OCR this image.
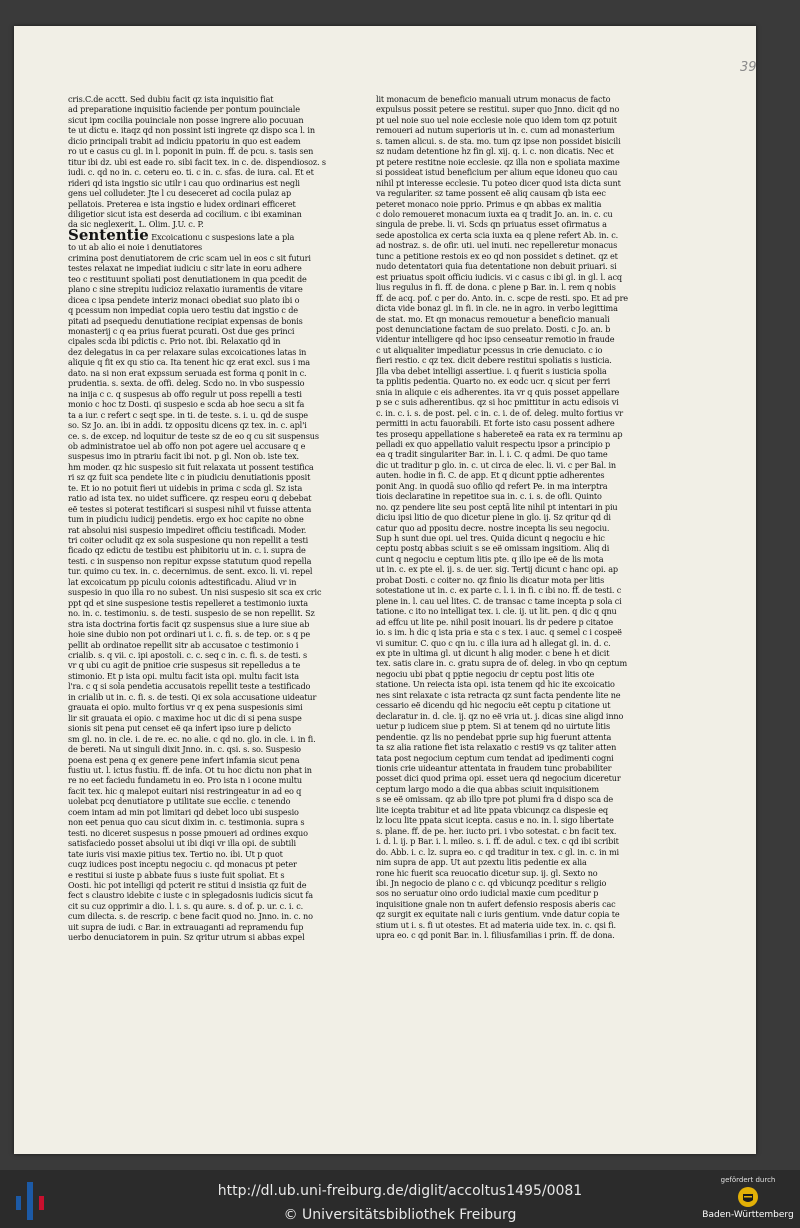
39

cris.C.de acctt. Sed dubiu facit qz ista inquisitio fiat
ad preparatione inquisitio faciende per pontum pouinciale
sicut ipm cocilia pouinciale non posse ingrere alio pocuuan
te ut dictu e. itaqz qd non possint isti ingrete qz dispo sca l. in
dicio principali trabit ad indiciu ppatoriu in quo est eadem
ro ut e casus cu gl. in l. poponit in puin. ff. de pcu. s. tasis sen
titur ibi dz. ubi est eade ro. sibi facit tex. in c. de. dispendiosoz. s
iudi. c. qd no in. c. ceteru eo. ti. c in. c. sfas. de iura. cal. Et et
rideri qd ista ingstio sic utilr i cau quo ordinarius est negli
gens uel colludeter. Jte l cu deseceret ad cocila pulaz ap
pellatois. Preterea e ista ingstio e ludex ordinari efficeret
diligetior sicut ista est deserda ad cocilium. c ibi examinan
da sic neglexerit. L. Olim. J.U. c. P.
Sententie Excoicationu c suspesions late a pla
to ut ab alio ei noie i denutiatores
crimina post denutiatorem de cric scam uel in eos c sit futuri
testes relaxat ne impediat iudiciu c sitr late in eoru adhere
teo c restituunt spoliati post denutiationem in qua pcedit de
plano c sine strepitu iudicioz relaxatio iuramentis de vitare
dicea c ipsa pendete interiz monaci obediat suo plato ibi o
q pcessum non impediat copia uero testiu dat ingstio c de
pitati ad psequedu denutiatione recipiat expensas de bonis
monasterij c q ea prius fuerat pcurati. Ost due ges princi
cipales scda ibi pdictis c. Prio not. ibi. Relaxatio qd in
dez delegatus in ca per relaxare sulas excoicationes latas in
aliquie q fit ex qu stio ca. Ita tenent hic qz erat excl. sus i ma
dato. na si non erat expssum seruada est forma q ponit in c.
prudentia. s. sexta. de offi. deleg. Scdo no. in vbo suspessio
na inija c c. q suspesus ab offo regulr ut poss repelli a testi
monio c hoc tz Dosti. qi suspesio e scda ab hoe secu a sit fa
ta a iur. c refert c seqt spe. in ti. de teste. s. i. u. qd de suspe
so. Sz Jo. an. ibi in addi. tz oppositu dicens qz tex. in. c. apl'i
ce. s. de excep. nd loquitur de teste sz de eo q cu sit suspensus
ob administratoe uel ab offo non pot agere uel accusare q e
suspesus imo in ptrariu facit ibi not. p gl. Non ob. iste tex.
hm moder. qz hic suspesio sit fuit relaxata ut possent testifica
ri sz qz fuit sca pendete lite c in piudiciu denutiationis pposit
te. Et io no potuit fieri ut uidebis in prima c scda gl. Sz ista
ratio ad ista tex. no uidet sufficere. qz respeu eoru q debebat
eё testes si poterat testificari si suspesi nihil vt fuisse attenta
tum in piudiciu iudicij pendetis. ergo ex hoc capite no obne
rat absolui nisi suspesio impediret officiu testificadi. Moder.
tri coiter ocludit qz ex sola suspesione qu non repellit a testi
ficado qz edictu de testibu est phibitoriu ut in. c. i. supra de
testi. c in suspenso non repitur expsse statutum quod repella
tur. quimo cu tex. in. c. decernimus. de sent. exco. li. vi. repel
lat excoicatum pp piculu coionis adtestificadu. Aliud vr in
suspesio in quo illa ro no subest. Un nisi suspesio sit sca ex cric
ppt qd et sine suspesione testis repelleret a testimonio iuxta
no. in. c. testimoniu. s. de testi. suspesio de se non repellit. Sz
stra ista doctrina fortis facit qz suspensus siue a iure siue ab
hoie sine dubio non pot ordinari ut i. c. fi. s. de tep. or. s q pe
pellit ab ordinatoe repellit sitr ab accusatoe c testimonio i
crialib. s. q vii. c. ipi apostoli. c. c. seq c in. c. fi. s. de testi. s
vr q ubi cu agit de pnitioe crie suspesus sit repelledus a te
stimonio. Et p ista opi. multu facit ista opi. multu facit ista
l'ra. c q si sola pendetia accusatois repellit teste a testificado
in crialib ut in. c. fi. s. de testi. Qi ex sola accusatione uideatur
grauata ei opio. multo fortius vr q ex pena suspesionis simi
lir sit grauata ei opio. c maxime hoc ut dic di si pena suspe
sionis sit pena put censet eё qa infert ipso iure p delicto
sm gl. no. in cle. i. de re. ec. no alie. c qd no. glo. in cle. i. in fi.
de bereti. Na ut singuli dixit Jnno. in. c. qsi. s. so. Suspesio
poena est pena q ex genere pene infert infamia sicut pena
fustiu ut. l. ictus fustiu. ff. de infa. Ot tu hoc dictu non phat in
re no eet faciedu fundametu in eo. Pro ista n i ocone multu
facit tex. hic q malepot euitari nisi restringeatur in ad eo q
uolebat pcq denutiatore p utilitate sue ecclie. c tenendo
coem intam ad min pot limitari qd debet loco ubi suspesio
non eet penua quo cau sicut dixim in. c. testimonia. supra s
testi. no diceret suspesus n posse pmoueri ad ordines exquo
satisfaciedo posset absolui ut ibi diqi vr illa opi. de subtili
tate iuris visi maxie pitius tex. Tertio no. ibi. Ut p quot
cuqz iudices post inceptu negociu c. qd monacus pt peter
e restitui si iuste p abbate fuus s iuste fuit spoliat. Et s
Oosti. hic pot intelligi qd pcterit re stitui d insistia qz fuit de
fect s claustro idebite c iuste c in splegadosnis iudicis sicut fa
cit su cuz opprimir a dio. l. i. s. qu aure. s. d of. p. ur. c. i. c.
cum dilecta. s. de rescrip. c bene facit quod no. Jnno. in. c. no
uit supra de iudi. c Bar. in extrauaganti ad repramendu fup
uerbo denuciatorem in puin. Sz qritur utrum si abbas expel

lit monacum de beneficio manuali utrum monacus de facto
expulsus possit petere se restitui. super quo Jnno. dicit qd no
pt uel noie suo uel noie ecclesie noie quo idem tom qz potuit
remoueri ad nutum superioris ut in. c. cum ad monasterium
s. tamen alicui. s. de sta. mo. tum qz ipse non possidet bisicili
sz nudam detentione hz fin gl. xij. q. i. c. non dicatis. Nec et
pt petere restitne noie ecclesie. qz illa non e spoliata maxime
si possideat istud beneficium per alium eque idoneu quo cau
nihil pt interesse ecclesie. Tu poteo dicer quod ista dicta sunt
va regulariter. sz tame possent eё aliq causam qb ista eec
peteret monaco noie pprio. Primus e qn abbas ex malitia
c dolo remoueret monacum iuxta ea q tradit Jo. an. in. c. cu
singula de prebe. li. vi. Scds qn priuatus esset ofirmatus a
sede apostolica ex certa scia iuxta ea q plene refert Ab. in. c.
ad nostraz. s. de ofir. uti. uel inuti. nec repelleretur monacus
tunc a petitione restois ex eo qd non possidet s detinet. qz et
nudo detentatori quia fua detentatione non debuit priuari. si
est priuatus spoit officiu iudicis. vi c casus c ibi gl. in gl. l. acq
lius regulus in fi. ff. de dona. c plene p Bar. in. l. rem q nobis
ff. de acq. pof. c per do. Anto. in. c. scpe de resti. spo. Et ad pre
dicta vide bonaz gl. in fi. in cle. ne in agro. in verbo legittima
de stat. mo. Et qn monacus remouetur a beneficio manuali
post denunciatione factam de suo prelato. Dosti. c Jo. an. b
videntur intelligere qd hoc ipso censeatur remotio in fraude
c ut aliqualiter impediatur pcessus in crie denuciato. c io
fieri restio. c qz tex. dicit debere restitui spoliatis s iusticia.
Jlla vba debet intelligi assertiue. i. q fuerit s iusticia spolia
ta pplitis pedentia. Quarto no. ex eodc ucr. q sicut per ferri
snia in aliquie c eis adherentes. ita vr q quis posset appellare
p se c suis adherentibus. qz si hoc pmittitur in actu edisois vi
c. in. c. i. s. de post. pel. c in. c. i. de of. deleg. multo fortius vr
permitti in actu fauorabili. Et forte isto casu possent adhere
tes prosequ appellatione s habereteё ea rata ex ra terminu ap
pelladi ex quo appellatio valuit respectu ipsor a principio p
ea q tradit singulariter Bar. in. l. i. C. q admi. De quo tame
dic ut traditur p glo. in. c. ut circa de elec. li. vi. c per Bal. in
auten. hodie in fi. C. de app. Et q dicunt pptie adherentes
ponit Ang. in quodā suo ofilio qd refert Pe. in ma interptra
tiois declaratine in repetitoe sua in. c. i. s. de ofli. Quinto
no. qz pendere lite seu post ceptā lite nihil pt intentari in piu
diciu ipsi litio de quo dicetur plene in glo. ij. Sz qritur qd di
catur quo ad ppositu decre. nostre incepta lis seu negociu.
Sup h sunt due opi. uel tres. Quida dicunt q negociu e hic
ceptu postq abbas sciuit s se eё omissam ingsitiom. Aliq di
cunt q negociu e ceptum litis pte. q illo ipe eё de lis mota
ut in. c. ex pte el. ij. s. de uer. sig. Tertij dicunt c hanc opi. ap
probat Dosti. c coiter no. qz finio lis dicatur mota per litis
sotestatione ut in. c. ex parte c. l. i. in fi. c ibi no. ff. de testi. c
plene in. l. cau uel lites. C. de transac c tame incepta p sola ci
tatione. c ito no intelligat tex. i. cle. ij. ut lit. pen. q dic q qnu
ad effcu ut lite pe. nihil posit inouari. lis dr pedere p citatoe
io. s im. h dic q ista pria e sta c s tex. i auc. q semel c i cospeё
vi sumitur. C. quo c qn iu. c illa iura ad h allegat gl. in. d. c.
ex pte in ultima gl. ut dicunt h alig moder. c bene h et dicit
tex. satis clare in. c. gratu supra de of. deleg. in vbo qn ceptum
negociu ubi pbat q pptie negociu dr ceptu post litis ote
statione. Un reiecta ista opi. ista tenem qd hic ite excoicatio
nes sint relaxate c ista retracta qz sunt facta pendente lite ne
cessario eё dicendu qd hic negociu eёt ceptu p citatione ut
declaratur in. d. cle. ij. qz no eё vria ut. j. dicas sine aligd inno
uetur p iudicem siue p ptem. Si at tenem qd no uirtute litis
pendentie. qz lis no pendebat pprie sup hig fuerunt attenta
ta sz alia ratione fiet ista relaxatio c resti9 vs qz taliter atten
tata post negocium ceptum cum tendat ad ipedimenti cogni
tionis crie uideantur attentata in fraudem tunc probabiliter
posset dici quod prima opi. esset uera qd negocium diceretur
ceptum largo modo a die qua abbas sciuit inquisitionem
s se eё omissam. qz ab illo tpre pot plumi fra d dispo sca de
lite icepta trabitur et ad lite ppata vbicunqz ca dispesie eq
lz locu lite ppata sicut icepta. casus e no. in. l. sigo libertate
s. plane. ff. de pe. her. iucto pri. i vbo sotestat. c bn facit tex.
i. d. l. ij. p Bar. i. l. mileo. s. i. ff. de adul. c tex. c qd ibi scribit
do. Abb. i. c. lz. supra eo. c qd traditur in tex. c gl. in. c. in mi
nim supra de app. Ut aut pzextu litis pedentie ex alia
rone hic fuerit sca reuocatio dicetur sup. ij. gl. Sexto no
ibi. Jn negocio de plano c c. qd vbicunqz pceditur s religio
sos no seruatur oino ordo iudicial maxie cum pceditur p
inquisitione gnale non tn aufert defensio resposis aberis cac
qz surgit ex equitate nali c iuris gentium. vnde datur copia te
stium ut i. s. fi ut otestes. Et ad materia uide tex. in. c. qsi fi.
upra eo. c qd ponit Bar. in. l. filiusfamilias i prin. ff. de dona.

http://dl.ub.uni-freiburg.de/diglit/accoltus1495/0081
© Universitätsbibliothek Freiburg
gefördert durch
Baden-Württemberg
